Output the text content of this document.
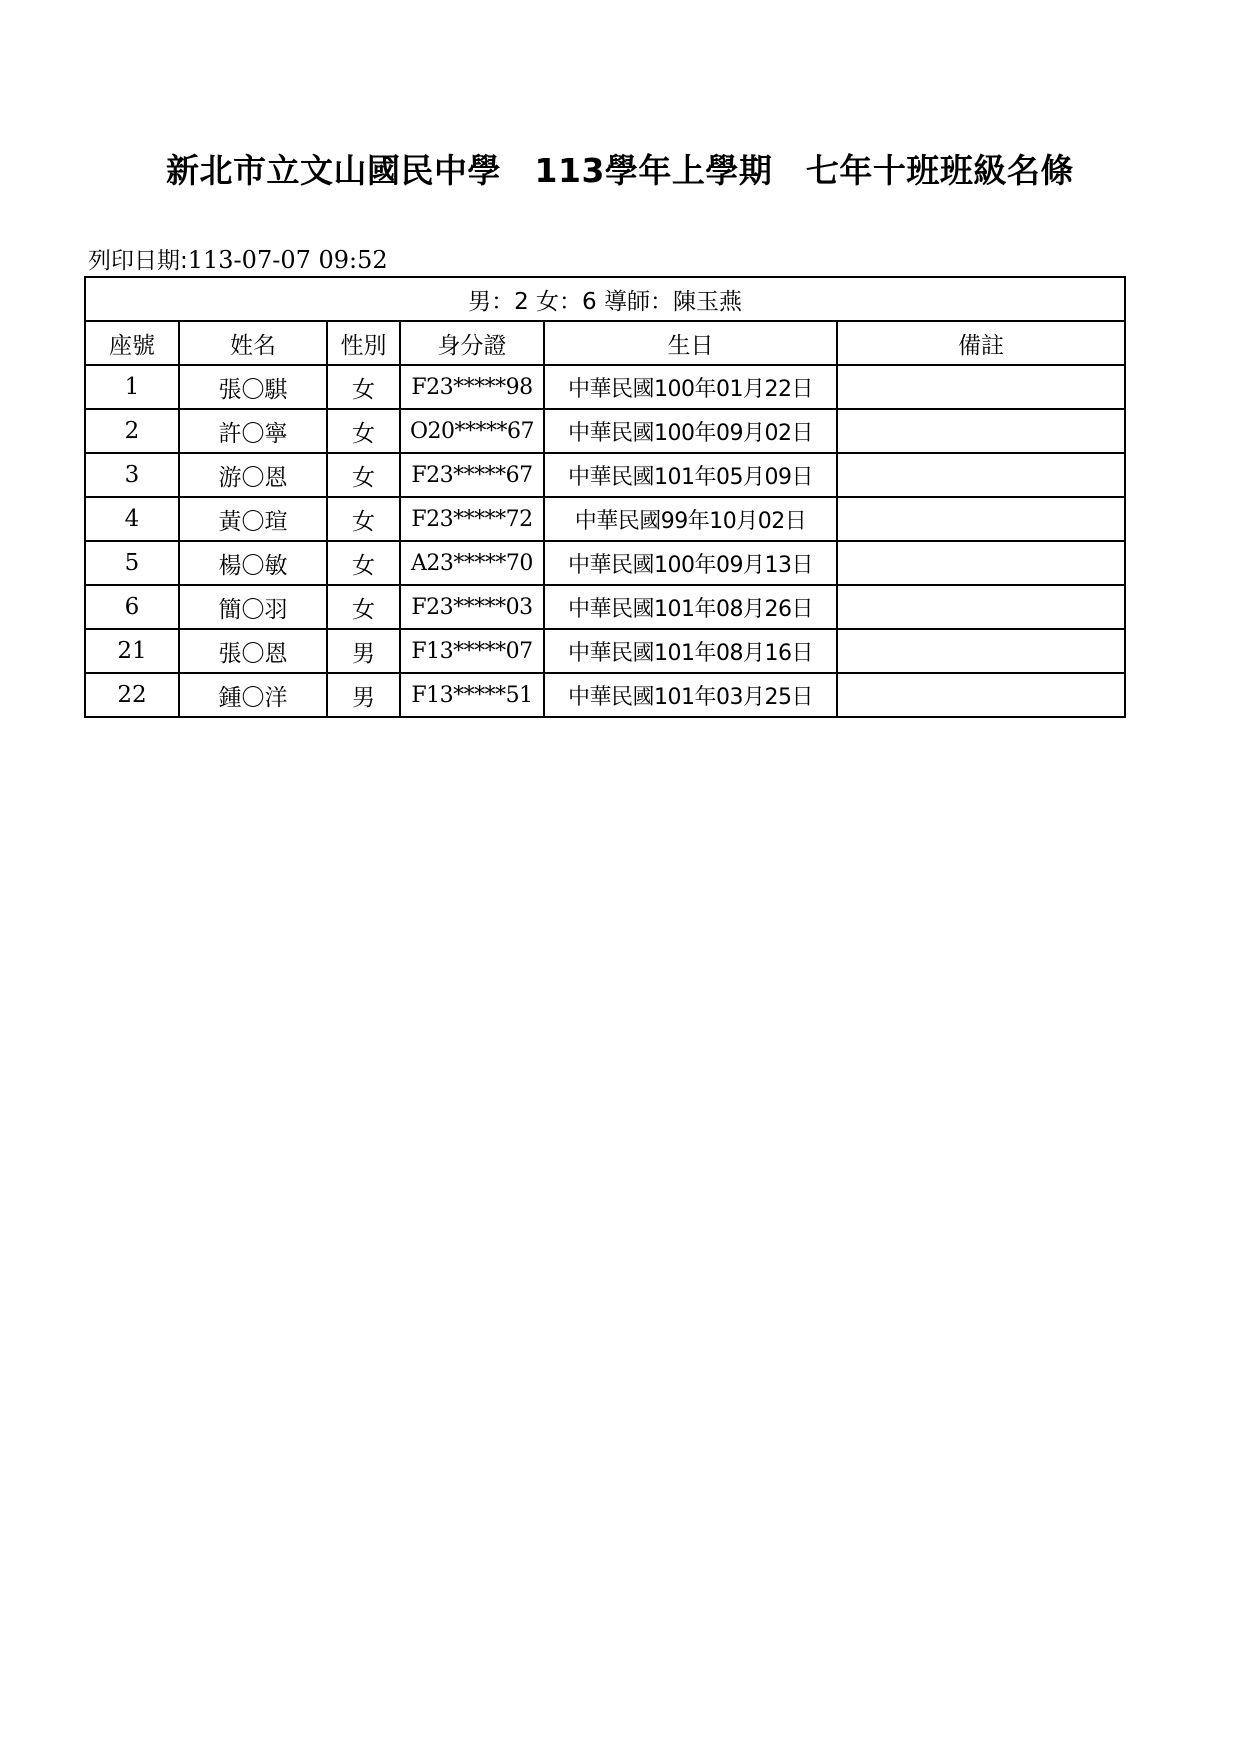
新北市立文山國民中學　113學年上學期　七年十班班級名條
列印日期:113-07-07 09:52
男：2 女：6 導師：陳玉燕					
座號	姓名	性別	身分證	生日	備註
1	張〇騏	女	F23*****98	中華民國100年01月22日	
2	許〇寧	女	O20*****67	中華民國100年09月02日	
3	游〇恩	女	F23*****67	中華民國101年05月09日	
4	黃〇瑄	女	F23*****72	中華民國99年10月02日	
5	楊〇敏	女	A23*****70	中華民國100年09月13日	
6	簡〇羽	女	F23*****03	中華民國101年08月26日	
21	張〇恩	男	F13*****07	中華民國101年08月16日	
22	鍾〇洋	男	F13*****51	中華民國101年03月25日	
